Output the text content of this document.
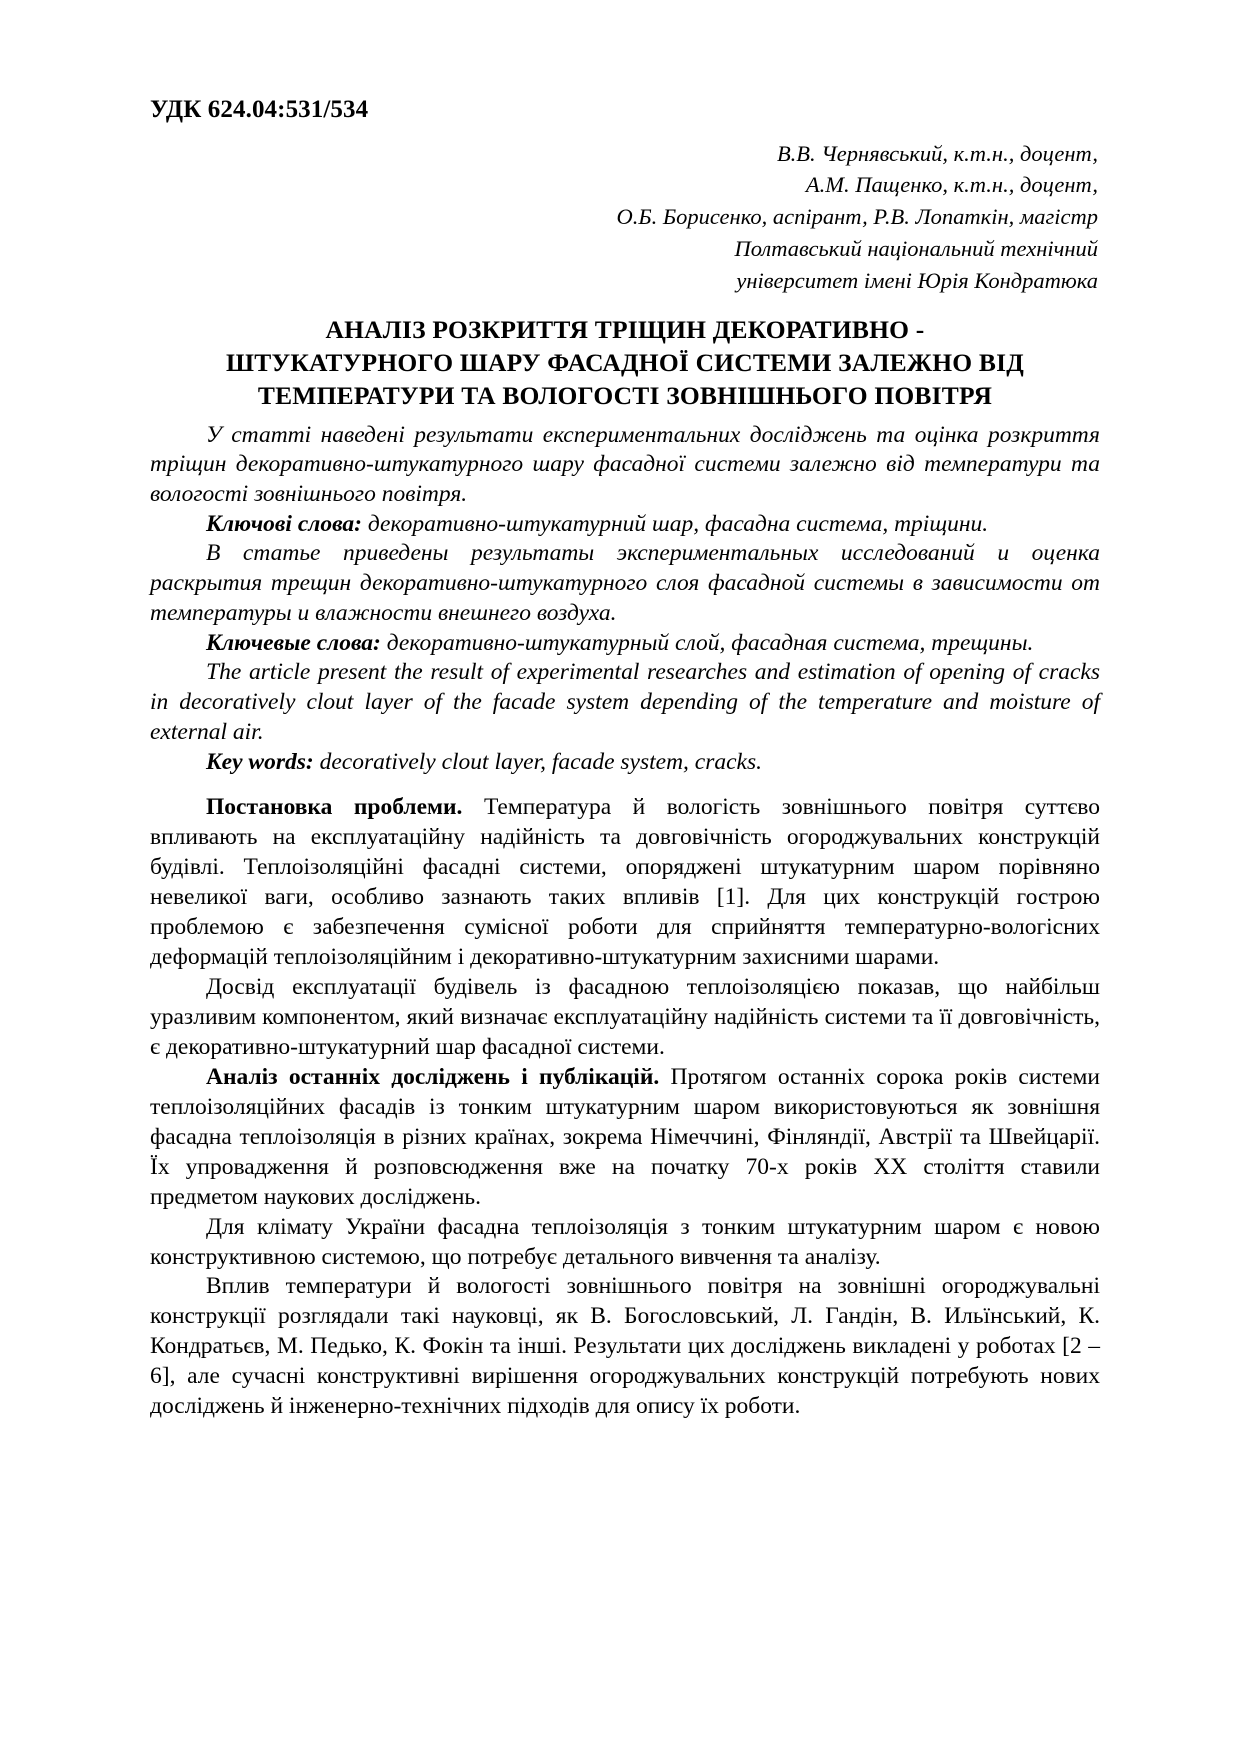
УДК 624.04:531/534
В.В. Чернявський, к.т.н., доцент,
А.М. Пащенко, к.т.н., доцент,
О.Б. Борисенко, аспірант, Р.В. Лопаткін, магістр
Полтавський національний технічний
університет імені Юрія Кондратюка
АНАЛІЗ РОЗКРИТТЯ ТРІЩИН ДЕКОРАТИВНО -
ШТУКАТУРНОГО ШАРУ ФАСАДНОЇ СИСТЕМИ ЗАЛЕЖНО ВІД
ТЕМПЕРАТУРИ ТА ВОЛОГОСТІ ЗОВНІШНЬОГО ПОВІТРЯ

У статті наведені результати експериментальних досліджень та оцінка розкриття тріщин декоративно-штукатурного шару фасадної системи залежно від температури та вологості зовнішнього повітря.

Ключові слова: декоративно-штукатурний шар, фасадна система, тріщини.

В статье приведены результаты экспериментальных исследований и оценка раскрытия трещин декоративно-штукатурного слоя фасадной системы в зависимости от температуры и влажности внешнего воздуха.

Ключевые слова: декоративно-штукатурный слой, фасадная система, трещины.

The article present the result of experimental researches and estimation of opening of cracks in decoratively clout layer of the facade system depending of the temperature and moisture of external air.

Key words: decoratively clout layer, facade system, cracks.

Постановка проблеми. Температура й вологість зовнішнього повітря суттєво впливають на експлуатаційну надійність та довговічність огороджувальних конструкцій будівлі. Теплоізоляційні фасадні системи, опоряджені штукатурним шаром порівняно невеликої ваги, особливо зазнають таких впливів [1]. Для цих конструкцій гострою проблемою є забезпечення сумісної роботи для сприйняття температурно-вологісних деформацій теплоізоляційним і декоративно-штукатурним захисними шарами.

Досвід експлуатації будівель із фасадною теплоізоляцією показав, що найбільш уразливим компонентом, який визначає експлуатаційну надійність системи та її довговічність, є декоративно-штукатурний шар фасадної системи.

Аналіз останніх досліджень і публікацій. Протягом останніх сорока років системи теплоізоляційних фасадів із тонким штукатурним шаром використовуються як зовнішня фасадна теплоізоляція в різних країнах, зокрема Німеччині, Фінляндії, Австрії та Швейцарії. Їх упровадження й розповсюдження вже на початку 70-х років XX століття ставили предметом наукових досліджень.

Для клімату України фасадна теплоізоляція з тонким штукатурним шаром є новою конструктивною системою, що потребує детального вивчення та аналізу.

Вплив температури й вологості зовнішнього повітря на зовнішні огороджувальні конструкції розглядали такі науковці, як В. Богословський, Л. Гандін, В. Ильїнський, К. Кондратьєв, М. Педько, К. Фокін та інші. Результати цих досліджень викладені у роботах [2 – 6], але сучасні конструктивні вирішення огороджувальних конструкцій потребують нових досліджень й інженерно-технічних підходів для опису їх роботи.
